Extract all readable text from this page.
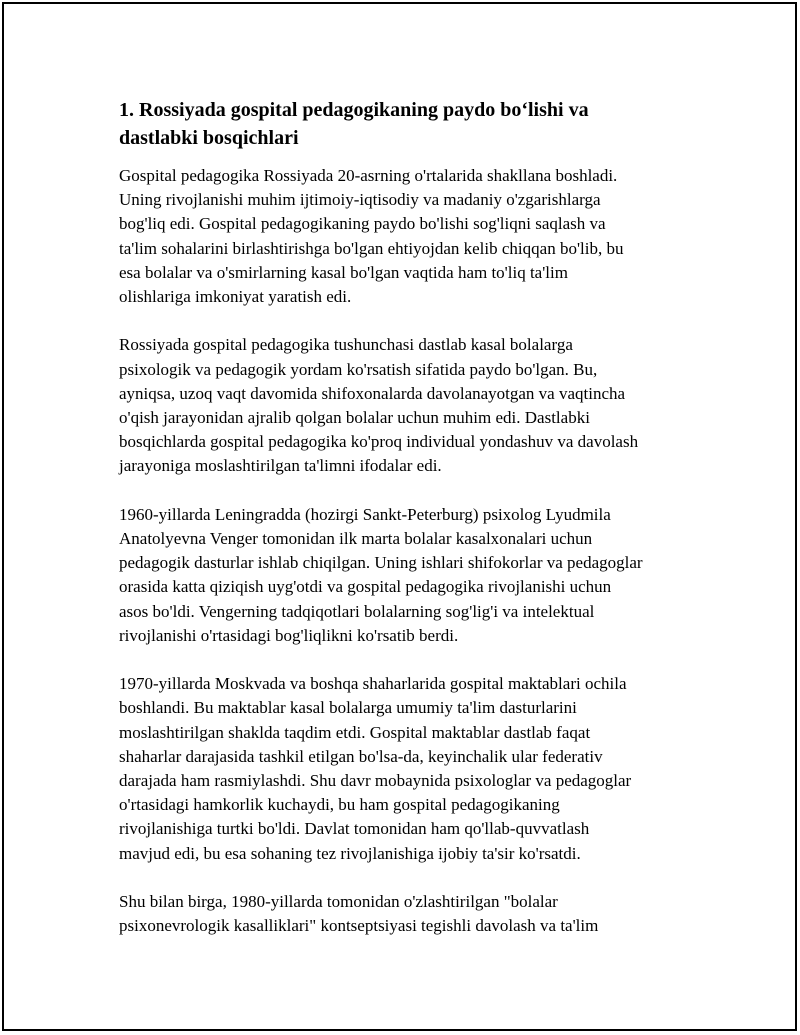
1. Rossiyada gospital pedagogikaning paydo bo‘lishi va
dastlabki bosqichlari

Gospital pedagogika Rossiyada 20-asrning o'rtalarida shakllana boshladi.
Uning rivojlanishi muhim ijtimoiy-iqtisodiy va madaniy o'zgarishlarga
bog'liq edi. Gospital pedagogikaning paydo bo'lishi sog'liqni saqlash va
ta'lim sohalarini birlashtirishga bo'lgan ehtiyojdan kelib chiqqan bo'lib, bu
esa bolalar va o'smirlarning kasal bo'lgan vaqtida ham to'liq ta'lim
olishlariga imkoniyat yaratish edi.

Rossiyada gospital pedagogika tushunchasi dastlab kasal bolalarga
psixologik va pedagogik yordam ko'rsatish sifatida paydo bo'lgan. Bu,
ayniqsa, uzoq vaqt davomida shifoxonalarda davolanayotgan va vaqtincha
o'qish jarayonidan ajralib qolgan bolalar uchun muhim edi. Dastlabki
bosqichlarda gospital pedagogika ko'proq individual yondashuv va davolash
jarayoniga moslashtirilgan ta'limni ifodalar edi.

1960-yillarda Leningradda (hozirgi Sankt-Peterburg) psixolog Lyudmila
Anatolyevna Venger tomonidan ilk marta bolalar kasalxonalari uchun
pedagogik dasturlar ishlab chiqilgan. Uning ishlari shifokorlar va pedagoglar
orasida katta qiziqish uyg'otdi va gospital pedagogika rivojlanishi uchun
asos bo'ldi. Vengerning tadqiqotlari bolalarning sog'lig'i va intelektual
rivojlanishi o'rtasidagi bog'liqlikni ko'rsatib berdi.

1970-yillarda Moskvada va boshqa shaharlarida gospital maktablari ochila
boshlandi. Bu maktablar kasal bolalarga umumiy ta'lim dasturlarini
moslashtirilgan shaklda taqdim etdi. Gospital maktablar dastlab faqat
shaharlar darajasida tashkil etilgan bo'lsa-da, keyinchalik ular federativ
darajada ham rasmiylashdi. Shu davr mobaynida psixologlar va pedagoglar
o'rtasidagi hamkorlik kuchaydi, bu ham gospital pedagogikaning
rivojlanishiga turtki bo'ldi. Davlat tomonidan ham qo'llab-quvvatlash
mavjud edi, bu esa sohaning tez rivojlanishiga ijobiy ta'sir ko'rsatdi.

Shu bilan birga, 1980-yillarda tomonidan o'zlashtirilgan "bolalar
psixonevrologik kasalliklari" kontseptsiyasi tegishli davolash va ta'lim
